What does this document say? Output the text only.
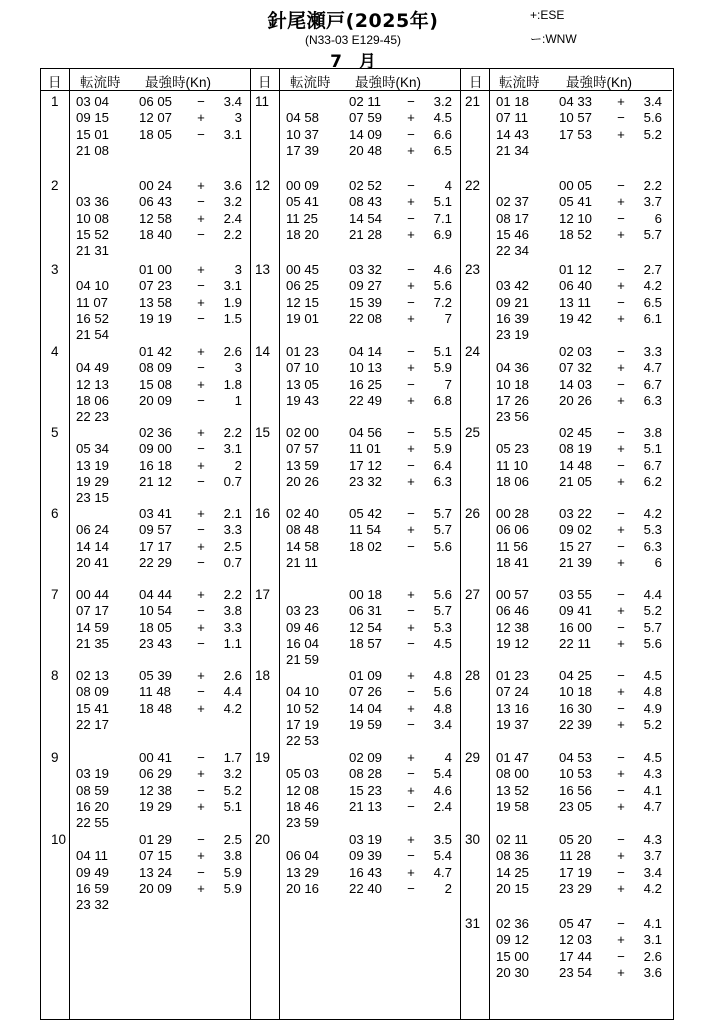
針尾瀬戸(2025年)
(N33-03 E129-45)
7　月
+:ESE
ー:WNW
日 転流時 最強時(Kn)	日 転流時 最強時(Kn)	日 転流時 最強時(Kn)
1 03 04 06 05 −	3.4
09 15 12 07 +	3
15 01 18 05 −	3.1
21 08
2	00 24 +	3.6
03 36 06 43 −	3.2
10 08 12 58 +	2.4
15 52 18 40 −	2.2
21 31
3	01 00 +	3
04 10 07 23 −	3.1
11 07 13 58 +	1.9
16 52 19 19 −	1.5
21 54
4	01 42 +	2.6
04 49 08 09 −	3
12 13 15 08 +	1.8
18 06 20 09 −	1
22 23
5	02 36 +	2.2
05 34 09 00 −	3.1
13 19 16 18 +	2
19 29 21 12 −	0.7
23 15
6	03 41 +	2.1
06 24 09 57 −	3.3
14 14 17 17 +	2.5
20 41 22 29 −	0.7
7 00 44 04 44 +	2.2
07 17 10 54 −	3.8
14 59 18 05 +	3.3
21 35 23 43 −	1.1
8 02 13 05 39 +	2.6
08 09 11 48 −	4.4
15 41 18 48 +	4.2
22 17
9	00 41 −	1.7
03 19 06 29 +	3.2
08 59 12 38 −	5.2
16 20 19 29 +	5.1
22 55
10	01 29 −	2.5
04 11 07 15 +	3.8
09 49 13 24 −	5.9
16 59 20 09 +	5.9
23 32
11	02 11 −	3.2
04 58 07 59 +	4.5
10 37 14 09 −	6.6
17 39 20 48 +	6.5
12 00 09 02 52 −	4
05 41 08 43 +	5.1
11 25 14 54 −	7.1
18 20 21 28 +	6.9
13 00 45 03 32 −	4.6
06 25 09 27 +	5.6
12 15 15 39 −	7.2
19 01 22 08 +	7
14 01 23 04 14 −	5.1
07 10 10 13 +	5.9
13 05 16 25 −	7
19 43 22 49 +	6.8
15 02 00 04 56 −	5.5
07 57 11 01 +	5.9
13 59 17 12 −	6.4
20 26 23 32 +	6.3
16 02 40 05 42 −	5.7
08 48 11 54 +	5.7
14 58 18 02 −	5.6
21 11
17	00 18 +	5.6
03 23 06 31 −	5.7
09 46 12 54 +	5.3
16 04 18 57 −	4.5
21 59
18	01 09 +	4.8
04 10 07 26 −	5.6
10 52 14 04 +	4.8
17 19 19 59 −	3.4
22 53
19	02 09 +	4
05 03 08 28 −	5.4
12 08 15 23 +	4.6
18 46 21 13 −	2.4
23 59
20	03 19 +	3.5
06 04 09 39 −	5.4
13 29 16 43 +	4.7
20 16 22 40 −	2
21 01 18 04 33 +	3.4
07 11 10 57 −	5.6
14 43 17 53 +	5.2
21 34
22	00 05 −	2.2
02 37 05 41 +	3.7
08 17 12 10 −	6
15 46 18 52 +	5.7
22 34
23	01 12 −	2.7
03 42 06 40 +	4.2
09 21 13 11 −	6.5
16 39 19 42 +	6.1
23 19
24	02 03 −	3.3
04 36 07 32 +	4.7
10 18 14 03 −	6.7
17 26 20 26 +	6.3
23 56
25	02 45 −	3.8
05 23 08 19 +	5.1
11 10 14 48 −	6.7
18 06 21 05 +	6.2
26 00 28 03 22 −	4.2
06 06 09 02 +	5.3
11 56 15 27 −	6.3
18 41 21 39 +	6
27 00 57 03 55 −	4.4
06 46 09 41 +	5.2
12 38 16 00 −	5.7
19 12 22 11 +	5.6
28 01 23 04 25 −	4.5
07 24 10 18 +	4.8
13 16 16 30 −	4.9
19 37 22 39 +	5.2
29 01 47 04 53 −	4.5
08 00 10 53 +	4.3
13 52 16 56 −	4.1
19 58 23 05 +	4.7
30 02 11 05 20 −	4.3
08 36 11 28 +	3.7
14 25 17 19 −	3.4
20 15 23 29 +	4.2
31 02 36 05 47 −	4.1
09 12 12 03 +	3.1
15 00 17 44 −	2.6
20 30 23 54 +	3.6
